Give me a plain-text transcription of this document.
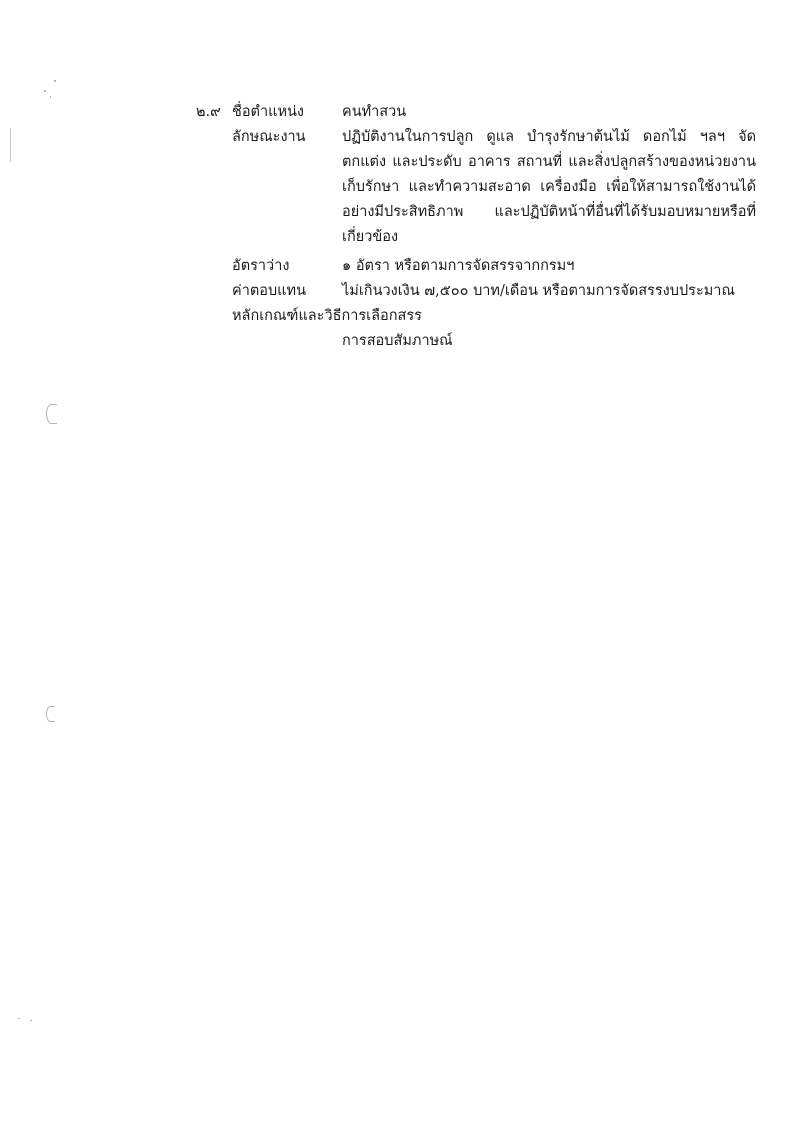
๒.๙ ชื่อตำแหน่ง	คนทำสวน
ลักษณะงาน	ปฏิบัติงานในการปลูก ดูแล บำรุงรักษาต้นไม้ ดอกไม้ ฯลฯ จัด
ตกแต่ง และประดับ อาคาร สถานที่ และสิ่งปลูกสร้างของหน่วยงาน
เก็บรักษา และทำความสะอาด เครื่องมือ เพื่อให้สามารถใช้งานได้
อย่างมีประสิทธิภาพ และปฏิบัติหน้าที่อื่นที่ได้รับมอบหมายหรือที่
เกี่ยวข้อง
อัตราว่าง	๑ อัตรา หรือตามการจัดสรรจากกรมฯ
ค่าตอบแทน	ไม่เกินวงเงิน ๗,๕๐๐ บาท/เดือน หรือตามการจัดสรรงบประมาณ
หลักเกณฑ์และวิธีการเลือกสรร
การสอบสัมภาษณ์
